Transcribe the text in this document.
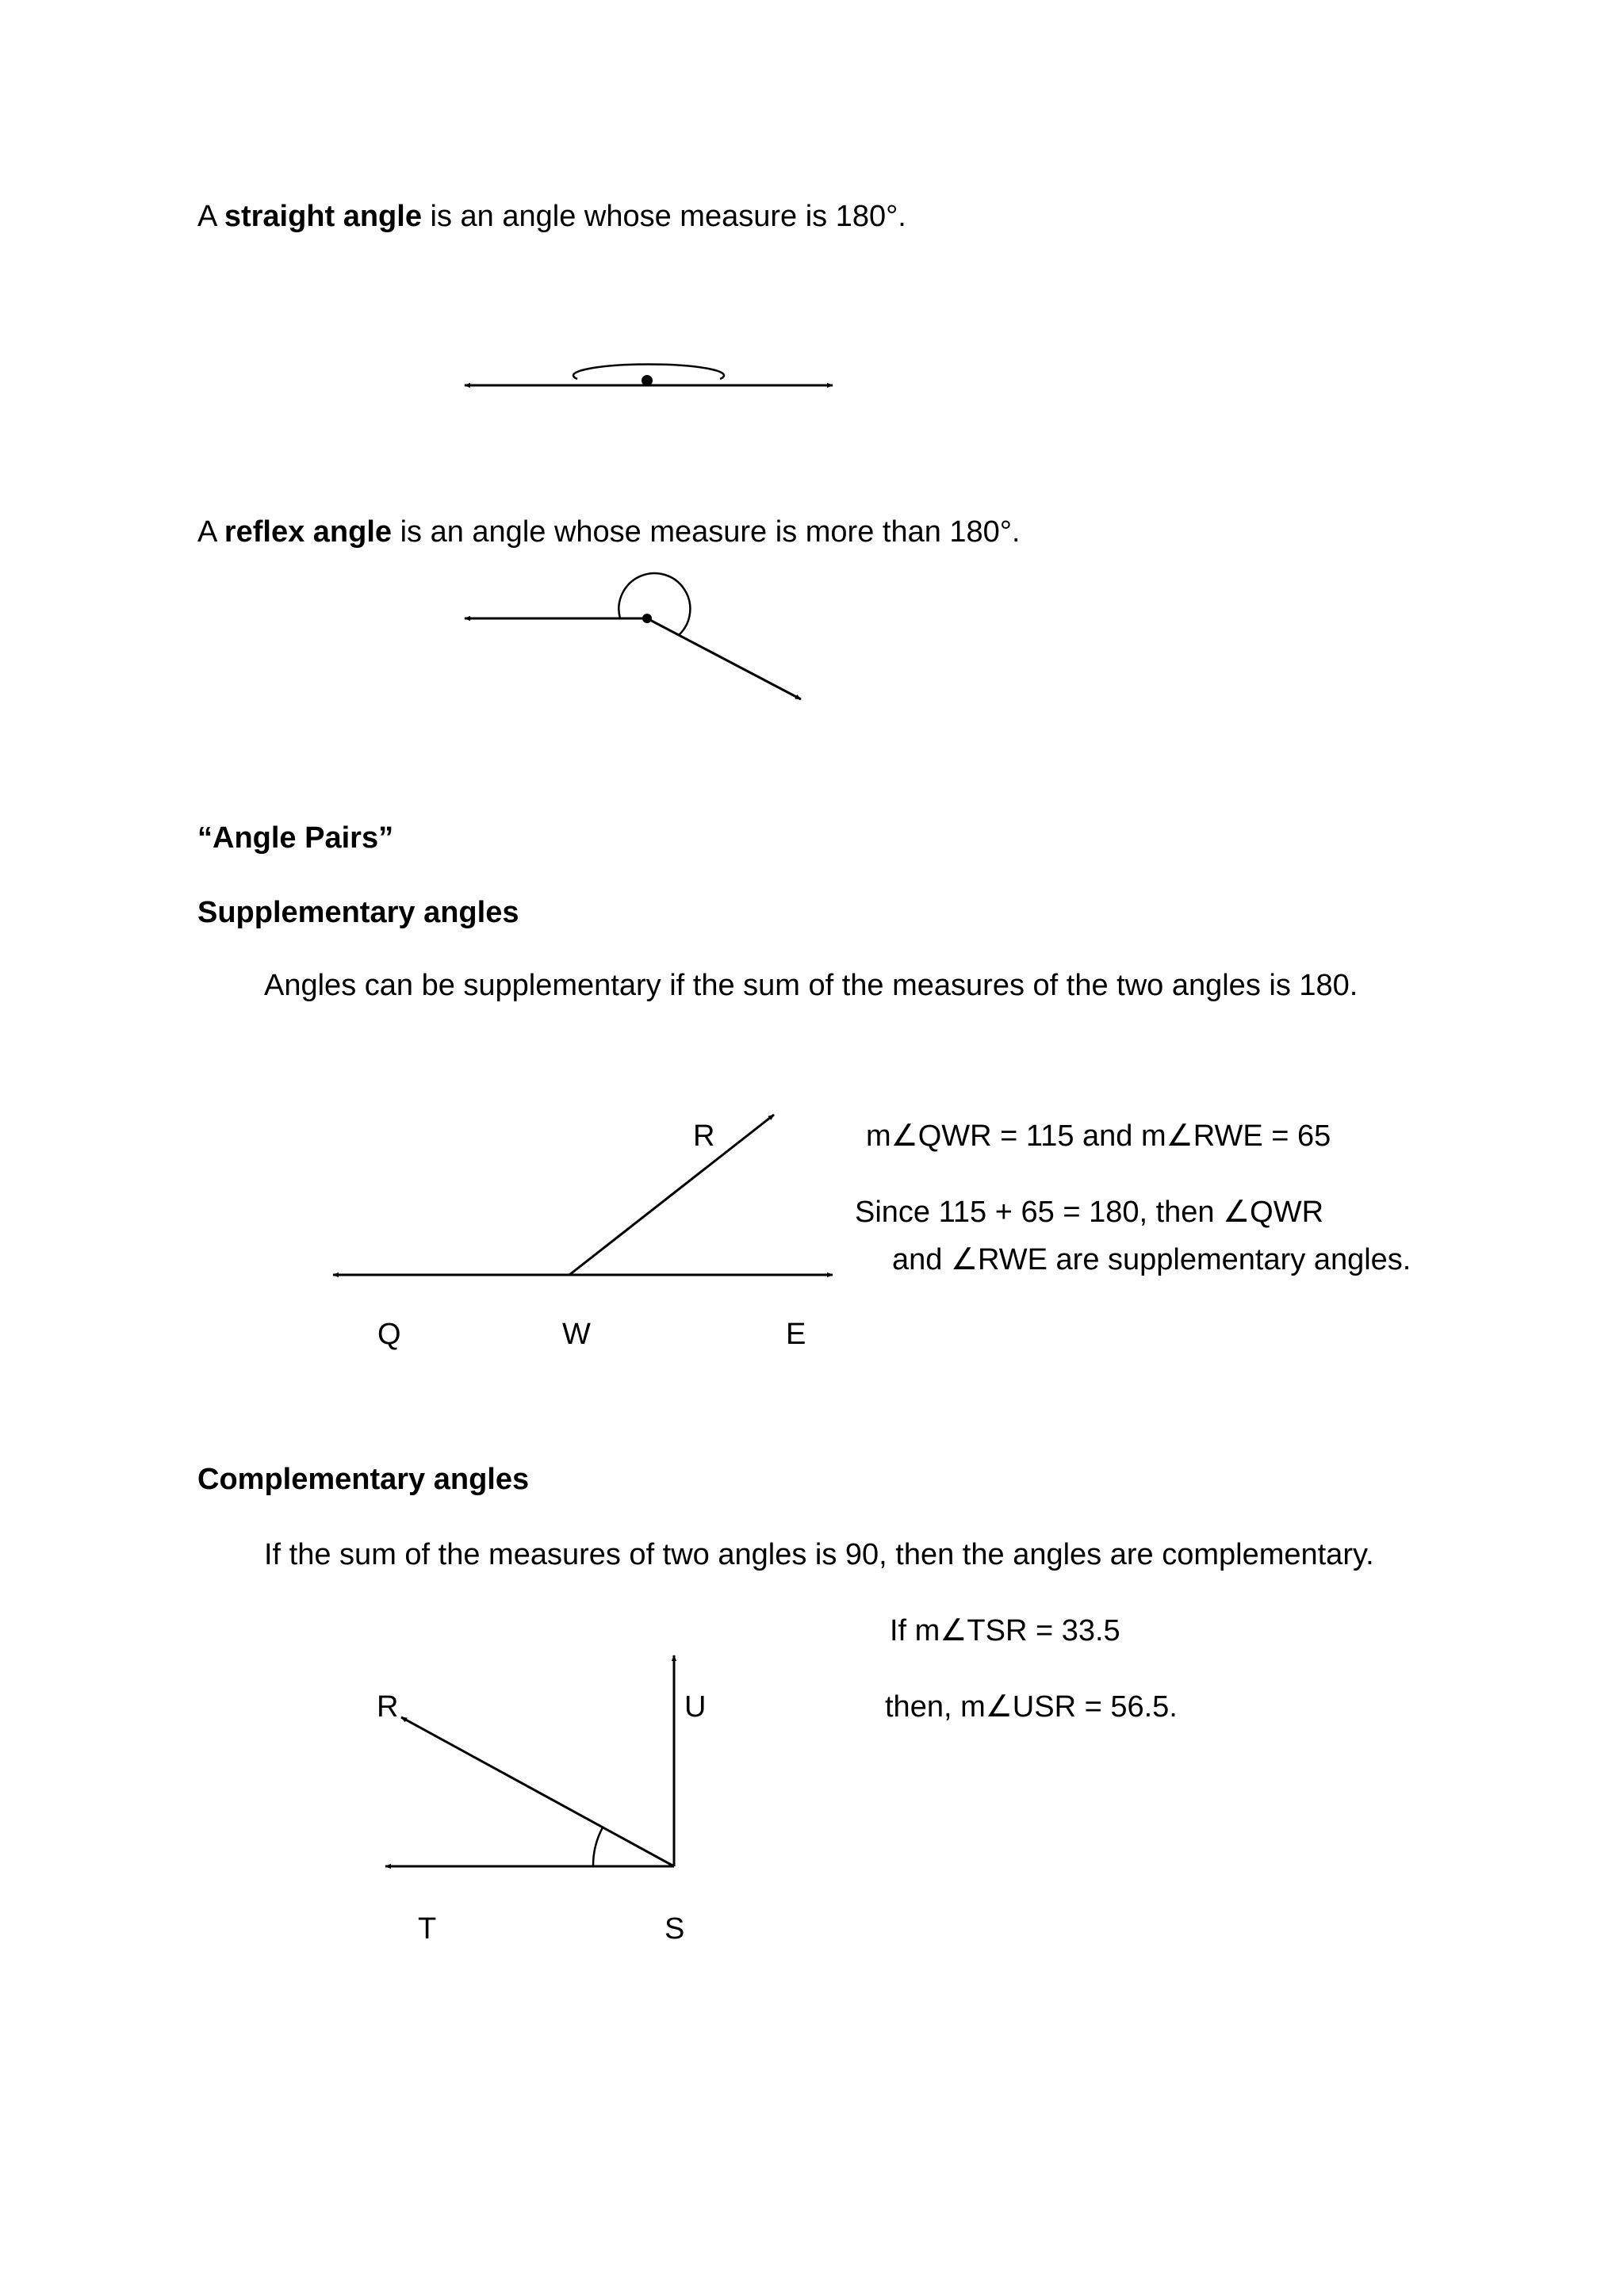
A straight angle is an angle whose measure is 180°.
A reflex angle is an angle whose measure is more than 180°.
“Angle Pairs”
Supplementary angles
Angles can be supplementary if the sum of the measures of the two angles is 180.
R
Q	W	E
m∠QWR = 115 and m∠RWE = 65
Since 115 + 65 = 180, then ∠QWR
and ∠RWE are supplementary angles.
Complementary angles
If the sum of the measures of two angles is 90, then the angles are complementary.
R	U
T	S
If m∠TSR = 33.5
then, m∠USR = 56.5.
